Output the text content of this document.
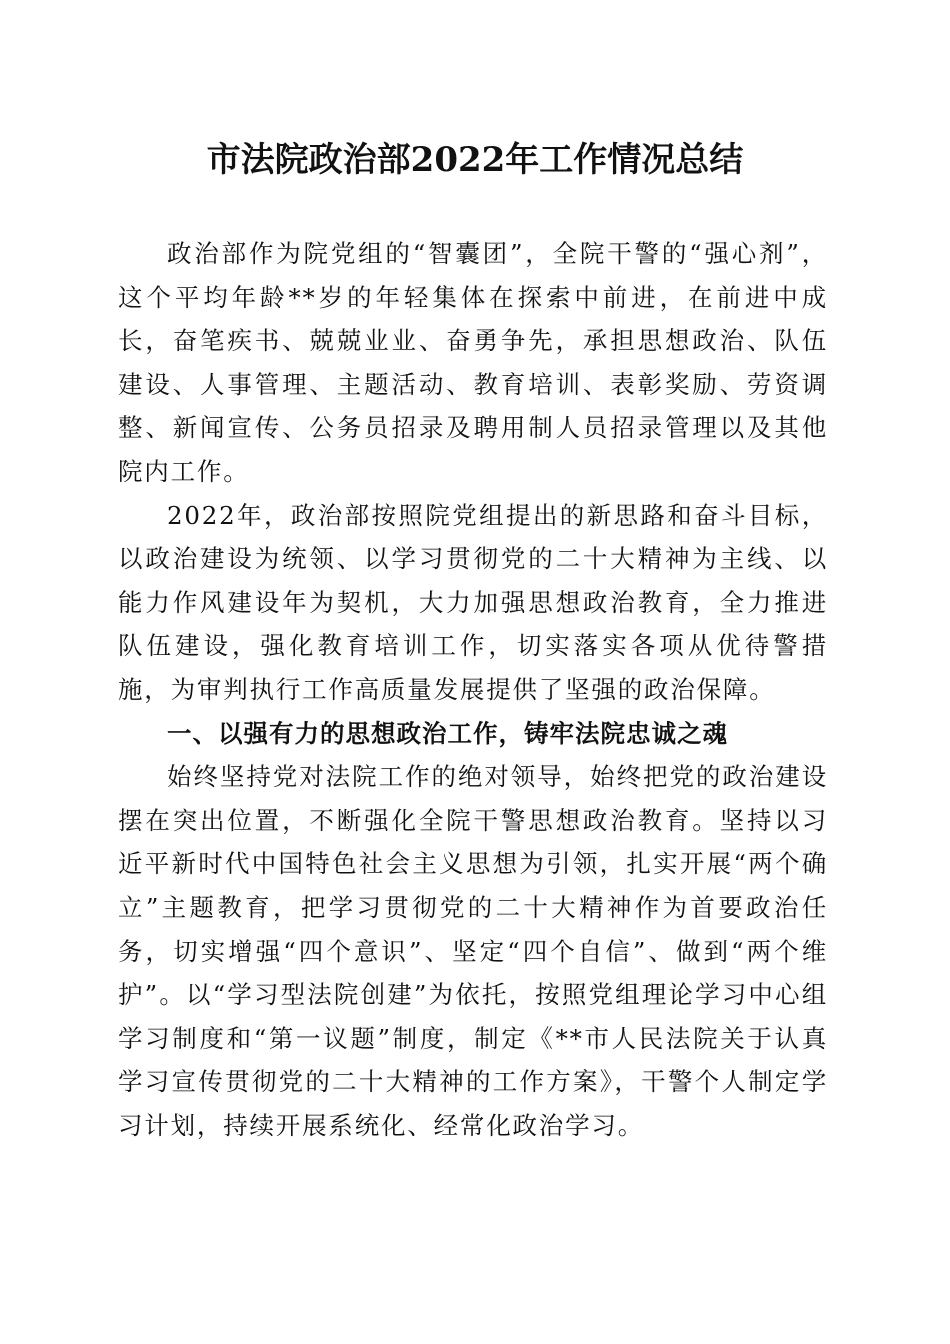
市法院政治部2022年工作情况总结

政治部作为院党组的“智囊团”，全院干警的“强心剂”，这个平均年龄**岁的年轻集体在探索中前进，在前进中成长，奋笔疾书、兢兢业业、奋勇争先，承担思想政治、队伍建设、人事管理、主题活动、教育培训、表彰奖励、劳资调整、新闻宣传、公务员招录及聘用制人员招录管理以及其他院内工作。

2022年，政治部按照院党组提出的新思路和奋斗目标，以政治建设为统领、以学习贯彻党的二十大精神为主线、以能力作风建设年为契机，大力加强思想政治教育，全力推进队伍建设，强化教育培训工作，切实落实各项从优待警措施，为审判执行工作高质量发展提供了坚强的政治保障。

一、以强有力的思想政治工作，铸牢法院忠诚之魂

始终坚持党对法院工作的绝对领导，始终把党的政治建设摆在突出位置，不断强化全院干警思想政治教育。坚持以习近平新时代中国特色社会主义思想为引领，扎实开展“两个确立”主题教育，把学习贯彻党的二十大精神作为首要政治任务，切实增强“四个意识”、坚定“四个自信”、做到“两个维护”。以“学习型法院创建”为依托，按照党组理论学习中心组学习制度和“第一议题”制度，制定《**市人民法院关于认真学习宣传贯彻党的二十大精神的工作方案》，干警个人制定学习计划，持续开展系统化、经常化政治学习。
